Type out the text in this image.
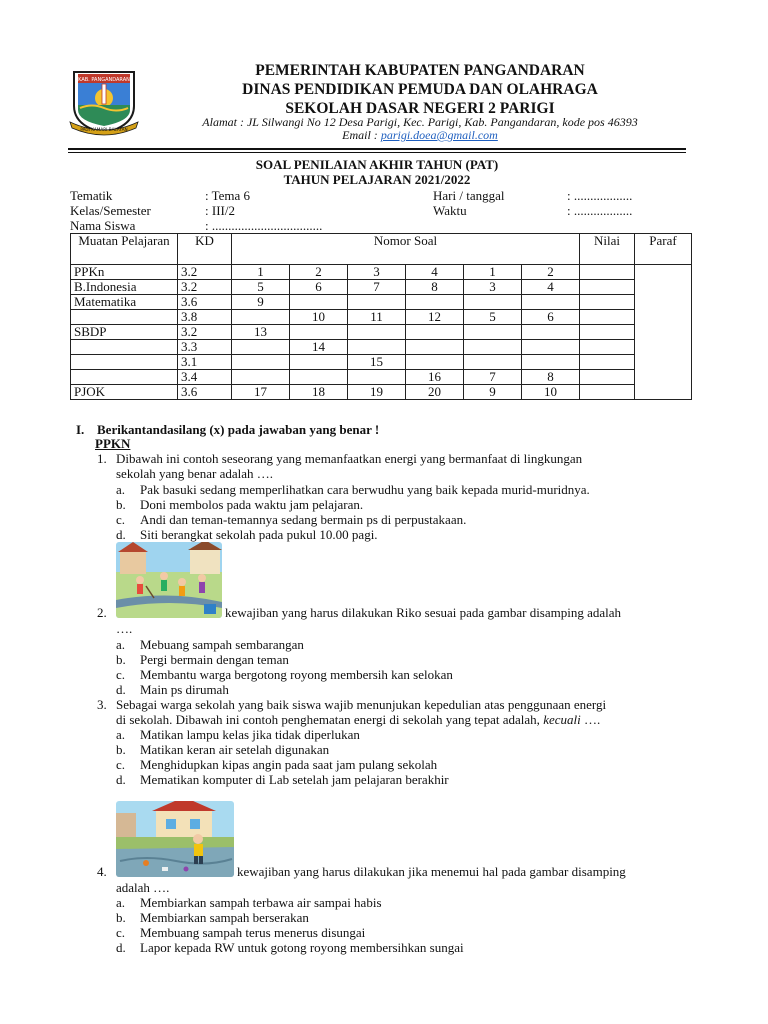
KAB. PANGANDARAN
PAGI KAMARI BALAYAN
PEMERINTAH KABUPATEN PANGANDARAN
DINAS PENDIDIKAN PEMUDA DAN OLAHRAGA
SEKOLAH DASAR NEGERI 2 PARIGI
Alamat : JL Silwangi No 12 Desa Parigi, Kec. Parigi, Kab. Pangandaran, kode pos 46393
Email : parigi.doea@gmail.com
SOAL PENILAIAN AKHIR TAHUN (PAT)
TAHUN PELAJARAN 2021/2022
Tematik	: Tema 6
Kelas/Semester	: III/2
Nama Siswa	: ..................................
Hari / tanggal	: ..................
Waktu	: ..................
Muatan Pelajaran	KD	Nomor Soal						Nilai	Paraf
PPKn	3.2	1	2	3	4	1	2		
B.Indonesia	3.2	5	6	7	8	3	4		
Matematika	3.6	9							
	3.8		10	11	12	5	6		
SBDP	3.2	13							
	3.3		14						
	3.1			15					
	3.4				16	7	8		
PJOK	3.6	17	18	19	20	9	10		
I. Berikantandasilang (x) pada jawaban yang benar !
PPKN
1. Dibawah ini contoh seseorang yang memanfaatkan energi yang bermanfaat di lingkungan
sekolah yang benar adalah ….
a. Pak basuki sedang memperlihatkan cara berwudhu yang baik kepada murid-muridnya.
b. Doni membolos pada waktu jam pelajaran.
c. Andi dan teman-temannya sedang bermain ps di perpustakaan.
d. Siti berangkat sekolah pada pukul 10.00 pagi.
2.	kewajiban yang harus dilakukan Riko sesuai pada gambar disamping adalah
….
a. Mebuang sampah sembarangan
b. Pergi bermain dengan teman
c. Membantu warga bergotong royong membersih kan selokan
d. Main ps dirumah
3. Sebagai warga sekolah yang baik siswa wajib menunjukan kepedulian atas penggunaan energi
di sekolah. Dibawah ini contoh penghematan energi di sekolah yang tepat adalah, kecuali ….
a. Matikan lampu kelas jika tidak diperlukan
b. Matikan keran air setelah digunakan
c. Menghidupkan kipas angin pada saat jam pulang sekolah
d. Mematikan komputer di Lab setelah jam pelajaran berakhir
4.	kewajiban yang harus dilakukan jika menemui hal pada gambar disamping
adalah ….
a. Membiarkan sampah terbawa air sampai habis
b. Membiarkan sampah berserakan
c. Membuang sampah terus menerus disungai
d. Lapor kepada RW untuk gotong royong membersihkan sungai
